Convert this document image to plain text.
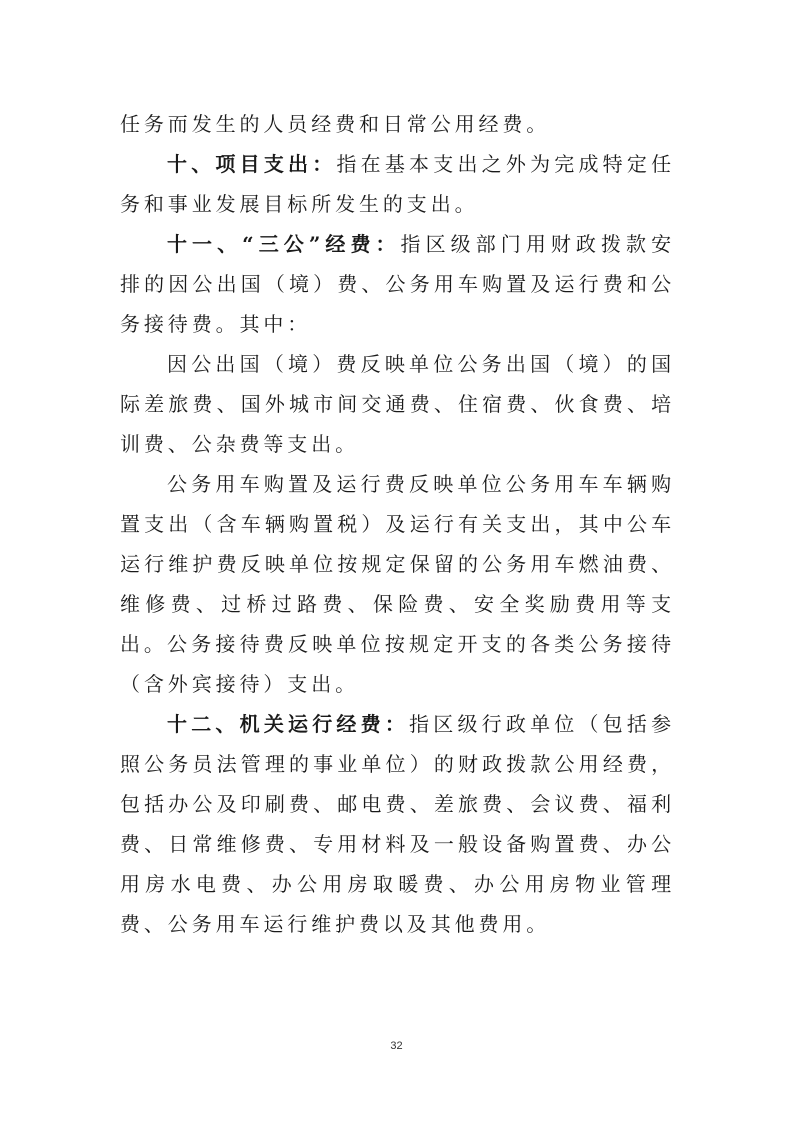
任务而发生的人员经费和日常公用经费。

十、项目支出：指在基本支出之外为完成特定任务和事业发展目标所发生的支出。

十一、“三公”经费：指区级部门用财政拨款安排的因公出国（境）费、公务用车购置及运行费和公务接待费。其中：

因公出国（境）费反映单位公务出国（境）的国际差旅费、国外城市间交通费、住宿费、伙食费、培训费、公杂费等支出。

公务用车购置及运行费反映单位公务用车车辆购置支出（含车辆购置税）及运行有关支出，其中公车运行维护费反映单位按规定保留的公务用车燃油费、维修费、过桥过路费、保险费、安全奖励费用等支出。 公务接待费反映单位按规定开支的各类公务接待（含外宾接待）支出。

十二、机关运行经费：指区级行政单位（包括参照公务员法管理的事业单位）的财政拨款公用经费，包括办公及印刷费、邮电费、差旅费、会议费、福利费、日常维修费、专用材料及一般设备购置费、办公用房水电费、办公用房取暖费、办公用房物业管理费、公务用车运行维护费以及其他费用。

32
